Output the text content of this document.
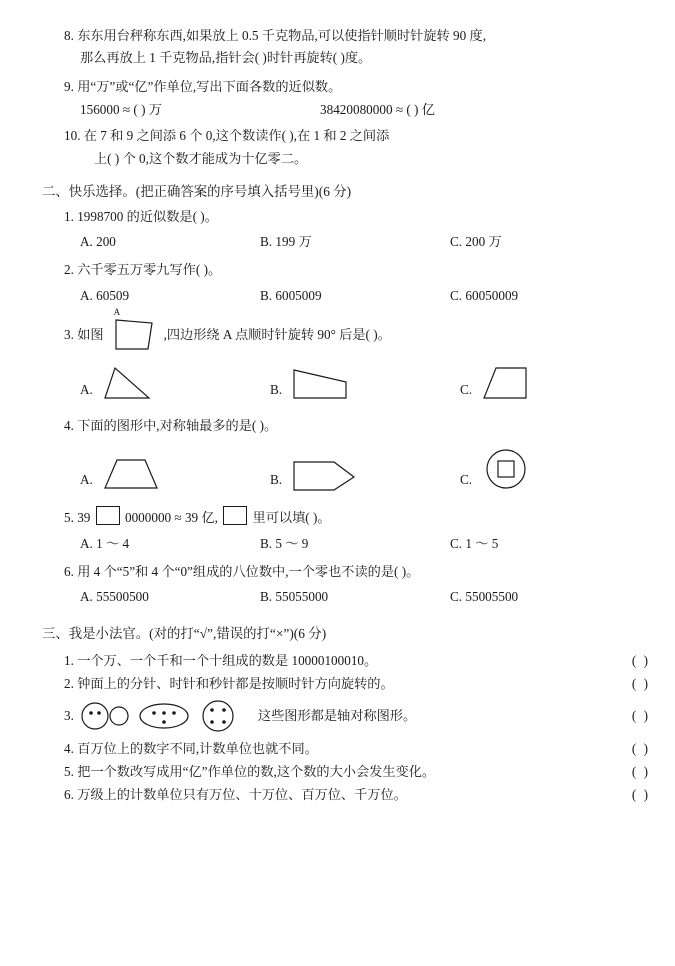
8. 东东用台秤称东西,如果放上 0.5 千克物品,可以使指针顺时针旋转 90 度,
那么再放上 1 千克物品,指针会( )时针再旋转( )度。
9. 用“万”或“亿”作单位,写出下面各数的近似数。
156000 ≈ ( ) 万	38420080000 ≈ ( ) 亿
10. 在 7 和 9 之间添 6 个 0,这个数读作( ),在 1 和 2 之间添
上( ) 个 0,这个数才能成为十亿零二。
二、快乐选择。(把正确答案的序号填入括号里)(6 分)
1. 1998700 的近似数是( )。
A. 200	B. 199 万	C. 200 万
2. 六千零五万零九写作( )。
A. 60509	B. 6005009	C. 60050009
3. 如图
A
,四边形绕 A 点顺时针旋转 90° 后是( )。
A.	B.	C.
4. 下面的图形中,对称轴最多的是( )。
A.	B.	C.
5. 39	0000000 ≈ 39 亿,	里可以填( )。
A. 1 ～ 4	B. 5 ～ 9	C. 1 ～ 5
6. 用 4 个“5”和 4 个“0”组成的八位数中,一个零也不读的是( )。
A. 55500500	B. 55055000	C. 55005500
三、我是小法官。(对的打“√”,错误的打“×”)(6 分)
1. 一个万、一个千和一个十组成的数是 10000100010。	( )
2. 钟面上的分针、时针和秒针都是按顺时针方向旋转的。	( )
3.	这些图形都是轴对称图形。	( )
4. 百万位上的数字不同,计数单位也就不同。	( )
5. 把一个数改写成用“亿”作单位的数,这个数的大小会发生变化。	( )
6. 万级上的计数单位只有万位、十万位、百万位、千万位。	( )
